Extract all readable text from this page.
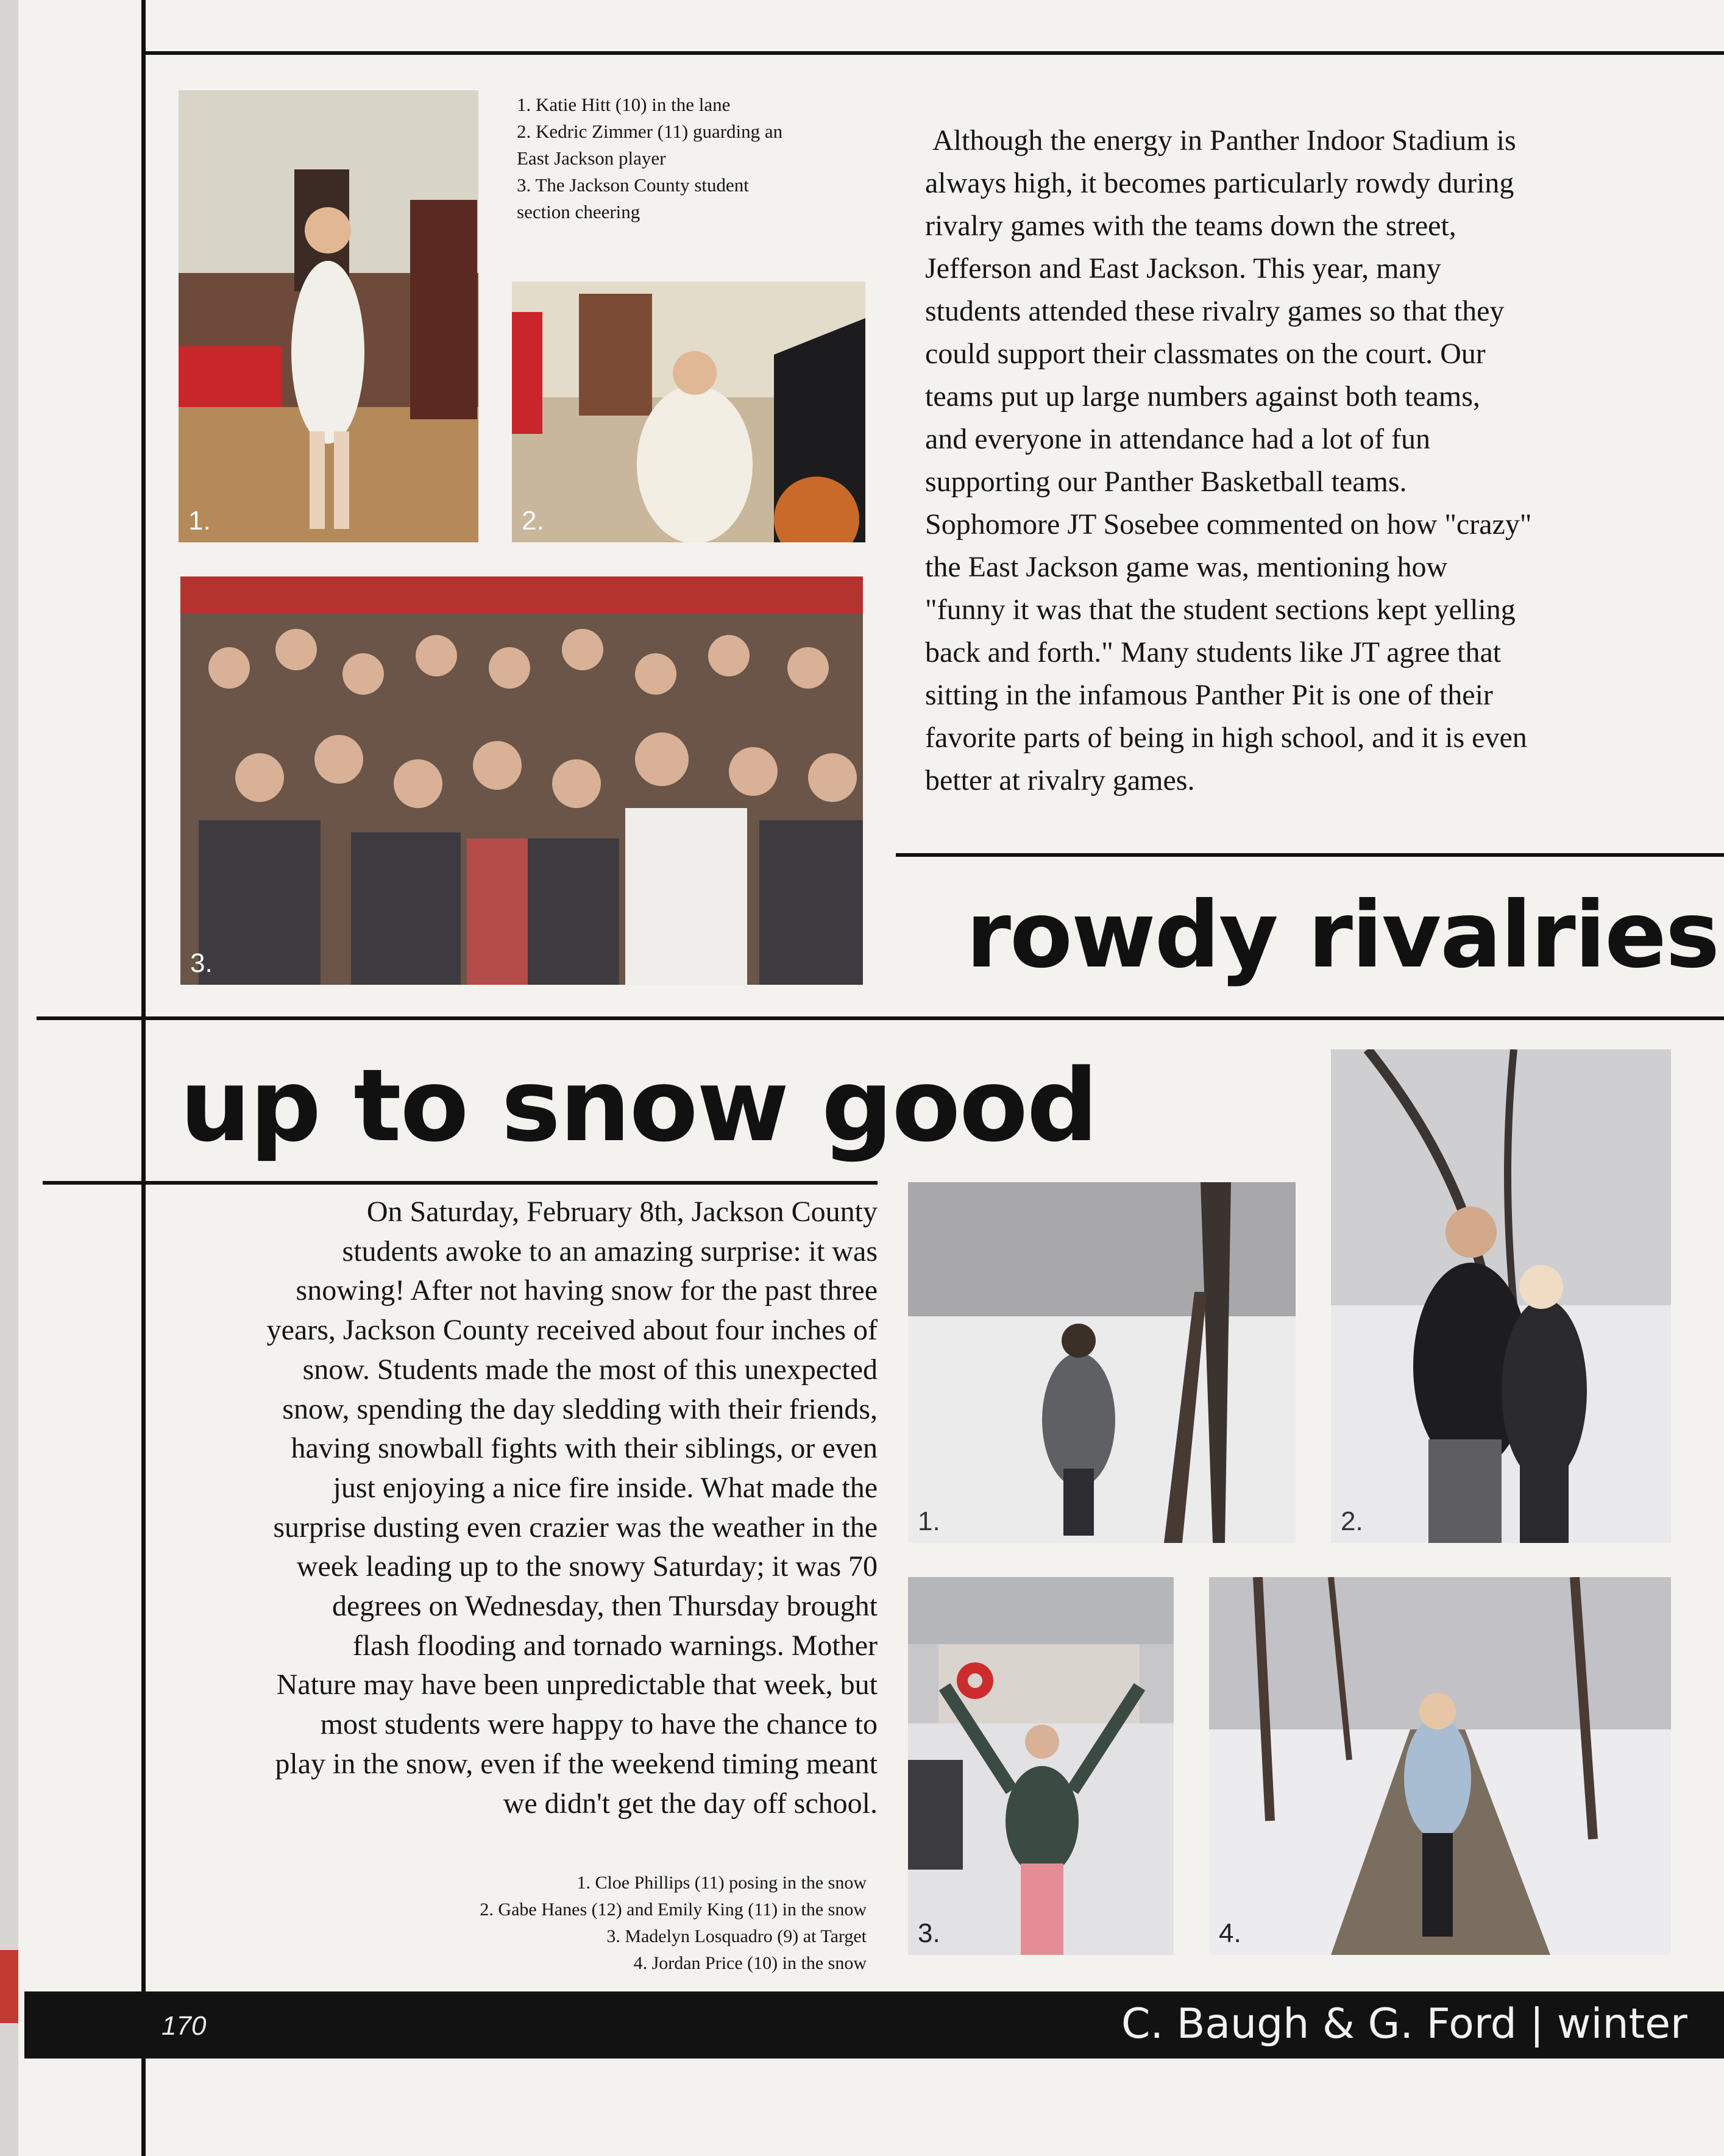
1.	2.
1. Katie Hitt (10) in the lane
2. Kedric Zimmer (11) guarding an
East Jackson player
3. The Jackson County student
section cheering
3.
Although the energy in Panther Indoor Stadium is
always high, it becomes particularly rowdy during
rivalry games with the teams down the street,
Jefferson and East Jackson. This year, many
students attended these rivalry games so that they
could support their classmates on the court. Our
teams put up large numbers against both teams,
and everyone in attendance had a lot of fun
supporting our Panther Basketball teams.
Sophomore JT Sosebee commented on how "crazy"
the East Jackson game was, mentioning how
"funny it was that the student sections kept yelling
back and forth." Many students like JT agree that
sitting in the infamous Panther Pit is one of their
favorite parts of being in high school, and it is even
better at rivalry games.
rowdy rivalries
up to snow good
On Saturday, February 8th, Jackson County
students awoke to an amazing surprise: it was
snowing! After not having snow for the past three
years, Jackson County received about four inches of
snow. Students made the most of this unexpected
snow, spending the day sledding with their friends,
having snowball fights with their siblings, or even
just enjoying a nice fire inside. What made the
surprise dusting even crazier was the weather in the
week leading up to the snowy Saturday; it was 70
degrees on Wednesday, then Thursday brought
flash flooding and tornado warnings. Mother
Nature may have been unpredictable that week, but
most students were happy to have the chance to
play in the snow, even if the weekend timing meant
we didn't get the day off school.
1. Cloe Phillips (11) posing in the snow
2. Gabe Hanes (12) and Emily King (11) in the snow
3. Madelyn Losquadro (9) at Target
4. Jordan Price (10) in the snow
1.	2.
3.	4.
170	C. Baugh & G. Ford | winter
